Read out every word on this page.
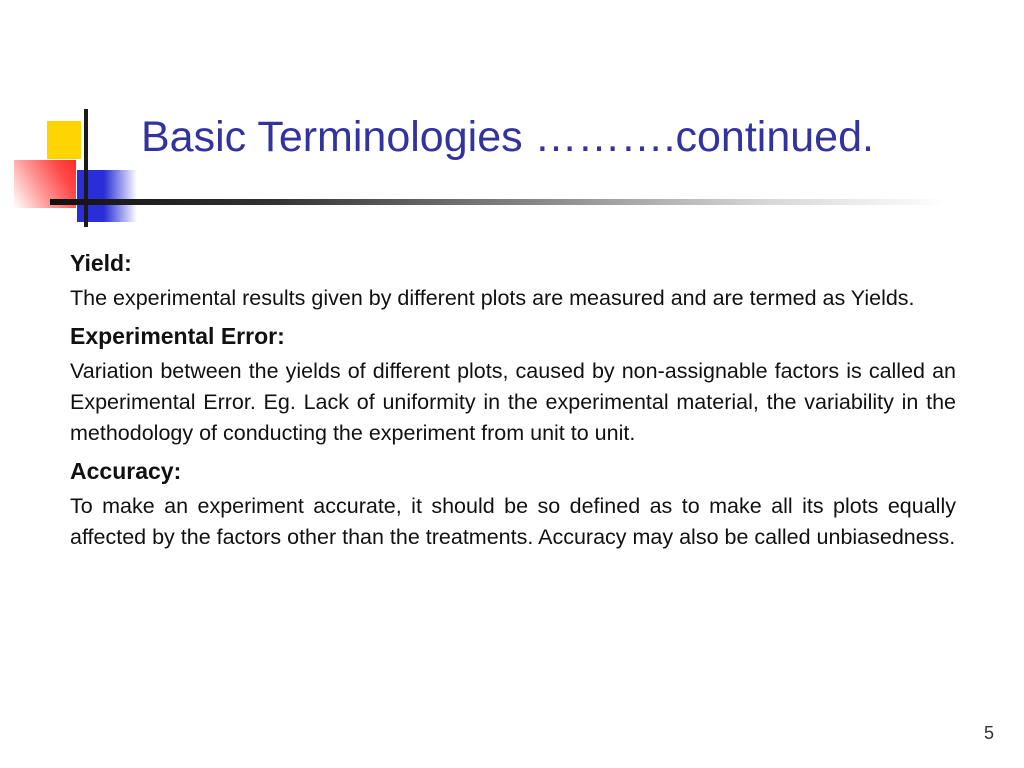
Basic Terminologies ……….continued.

Yield:

The experimental results given by different plots are measured and are termed as Yields.

Experimental Error:

Variation between the yields of different plots, caused by non-assignable factors is called an Experimental Error. Eg. Lack of uniformity in the experimental material, the variability in the methodology of conducting the experiment from unit to unit.

Accuracy:

To make an experiment accurate, it should be so defined as to make all its plots equally affected by the factors other than the treatments. Accuracy may also be called unbiasedness.

5
